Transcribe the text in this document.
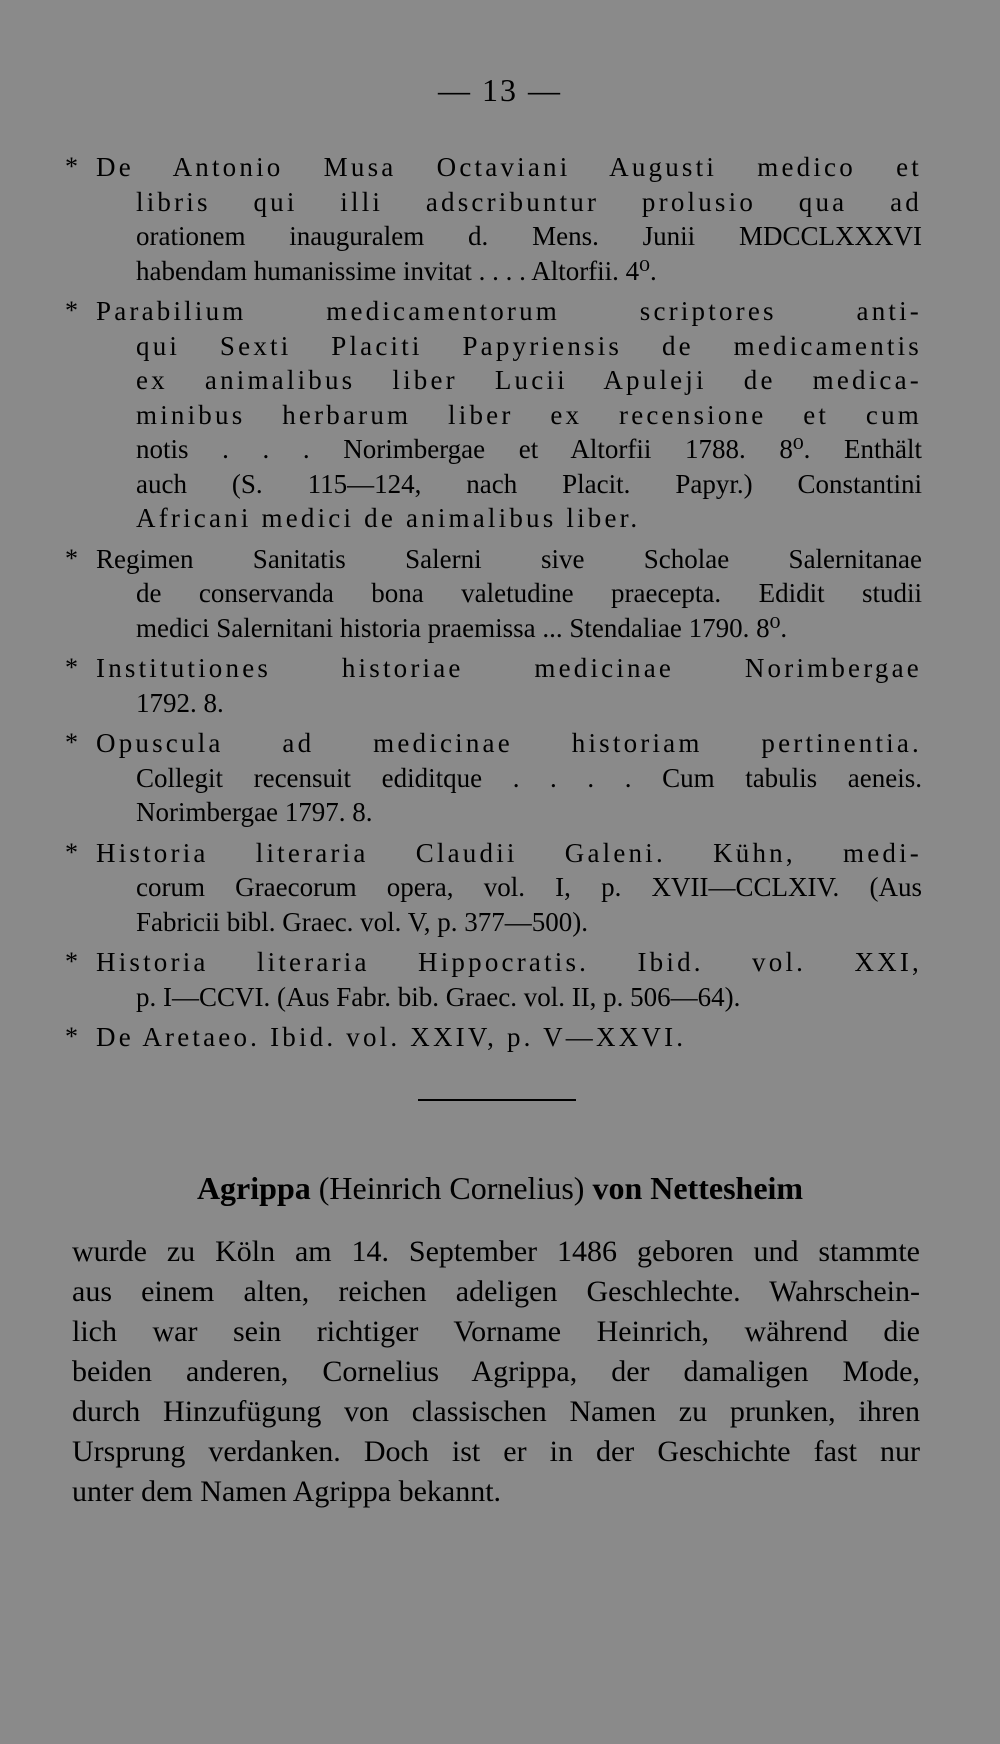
— 13 —
* De Antonio Musa Octaviani Augusti medico et
libris qui illi adscribuntur prolusio qua ad
orationem inauguralem d. Mens. Junii MDCCLXXXVI
habendam humanissime invitat . . . . Altorfii. 4⁰.
* Parabilium medicamentorum scriptores anti-
qui Sexti Placiti Papyriensis de medicamentis
ex animalibus liber Lucii Apuleji de medica-
minibus herbarum liber ex recensione et cum
notis . . . Norimbergae et Altorfii 1788. 8⁰. Enthält
auch (S. 115—124, nach Placit. Papyr.) Constantini
Africani medici de animalibus liber.
* Regimen Sanitatis Salerni sive Scholae Salernitanae
de conservanda bona valetudine praecepta. Edidit studii
medici Salernitani historia praemissa ... Stendaliae 1790. 8⁰.
* Institutiones historiae medicinae Norimbergae
1792. 8.
* Opuscula ad medicinae historiam pertinentia.
Collegit recensuit ediditque . . . . Cum tabulis aeneis.
Norimbergae 1797. 8.
* Historia literaria Claudii Galeni. Kühn, medi-
corum Graecorum opera, vol. I, p. XVII—CCLXIV. (Aus
Fabricii bibl. Graec. vol. V, p. 377—500).
* Historia literaria Hippocratis. Ibid. vol. XXI,
p. I—CCVI. (Aus Fabr. bib. Graec. vol. II, p. 506—64).
* De Aretaeo. Ibid. vol. XXIV, p. V—XXVI.
Agrippa (Heinrich Cornelius) von Nettesheim
wurde zu Köln am 14. September 1486 geboren und stammte
aus einem alten, reichen adeligen Geschlechte. Wahrschein-
lich war sein richtiger Vorname Heinrich, während die
beiden anderen, Cornelius Agrippa, der damaligen Mode,
durch Hinzufügung von classischen Namen zu prunken, ihren
Ursprung verdanken. Doch ist er in der Geschichte fast nur
unter dem Namen Agrippa bekannt.
